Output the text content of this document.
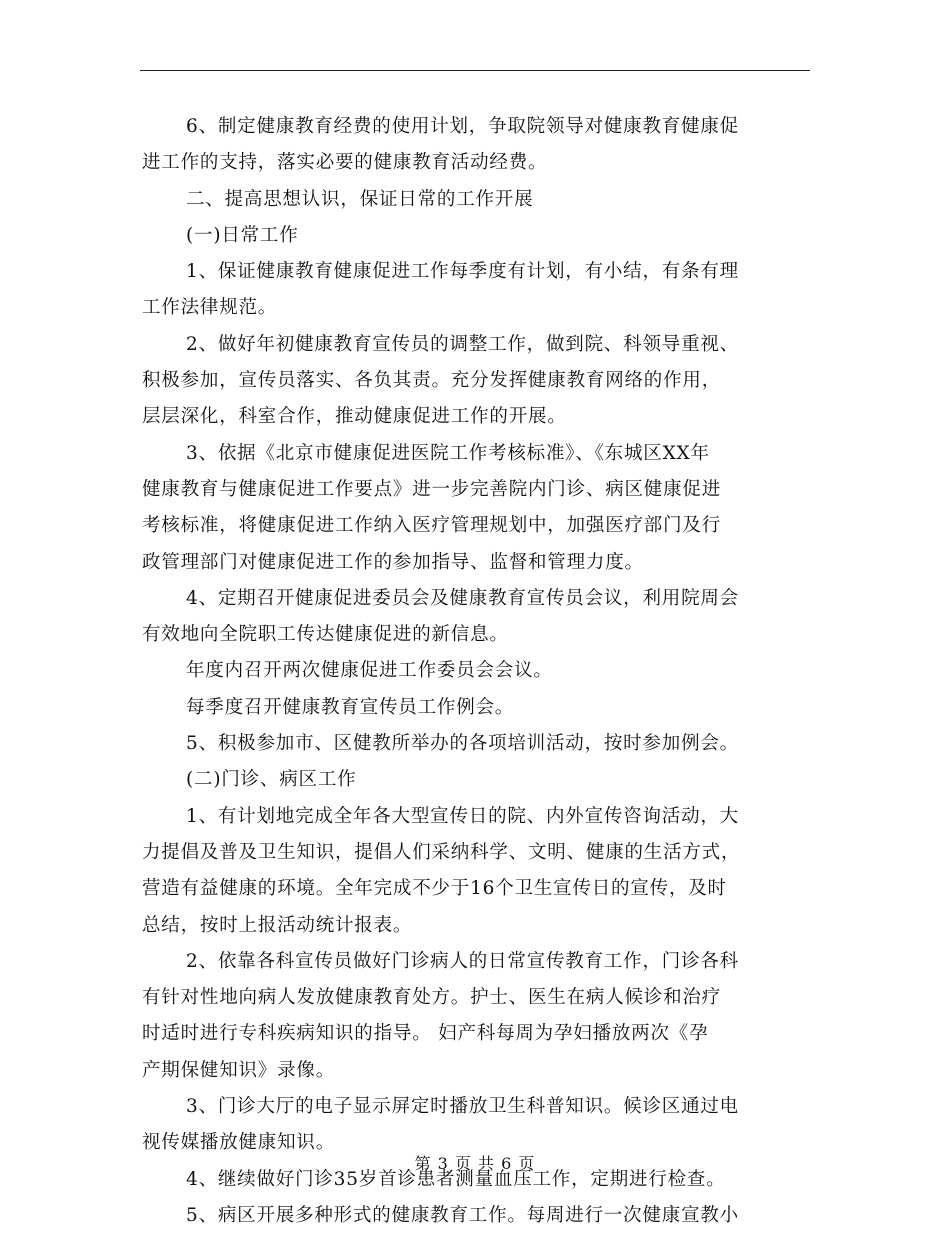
6、制定健康教育经费的使用计划，争取院领导对健康教育健康促
进工作的支持，落实必要的健康教育活动经费。
二、提高思想认识，保证日常的工作开展
(一)日常工作
1、保证健康教育健康促进工作每季度有计划，有小结，有条有理
工作法律规范。
2、做好年初健康教育宣传员的调整工作，做到院、科领导重视、
积极参加，宣传员落实、各负其责。充分发挥健康教育网络的作用，
层层深化，科室合作，推动健康促进工作的开展。
3、依据《北京市健康促进医院工作考核标准》、《东城区XX年
健康教育与健康促进工作要点》进一步完善院内门诊、病区健康促进
考核标准，将健康促进工作纳入医疗管理规划中，加强医疗部门及行
政管理部门对健康促进工作的参加指导、监督和管理力度。
4、定期召开健康促进委员会及健康教育宣传员会议，利用院周会
有效地向全院职工传达健康促进的新信息。
年度内召开两次健康促进工作委员会会议。
每季度召开健康教育宣传员工作例会。
5、积极参加市、区健教所举办的各项培训活动，按时参加例会。
(二)门诊、病区工作
1、有计划地完成全年各大型宣传日的院、内外宣传咨询活动，大
力提倡及普及卫生知识，提倡人们采纳科学、文明、健康的生活方式，
营造有益健康的环境。全年完成不少于16个卫生宣传日的宣传，及时
总结，按时上报活动统计报表。
2、依靠各科宣传员做好门诊病人的日常宣传教育工作，门诊各科
有针对性地向病人发放健康教育处方。护士、医生在病人候诊和治疗
时适时进行专科疾病知识的指导。 妇产科每周为孕妇播放两次《孕
产期保健知识》录像。
3、门诊大厅的电子显示屏定时播放卫生科普知识。候诊区通过电
视传媒播放健康知识。
4、继续做好门诊35岁首诊患者测量血压工作，定期进行检查。
5、病区开展多种形式的健康教育工作。每周进行一次健康宣教小
第 3 页 共 6 页
